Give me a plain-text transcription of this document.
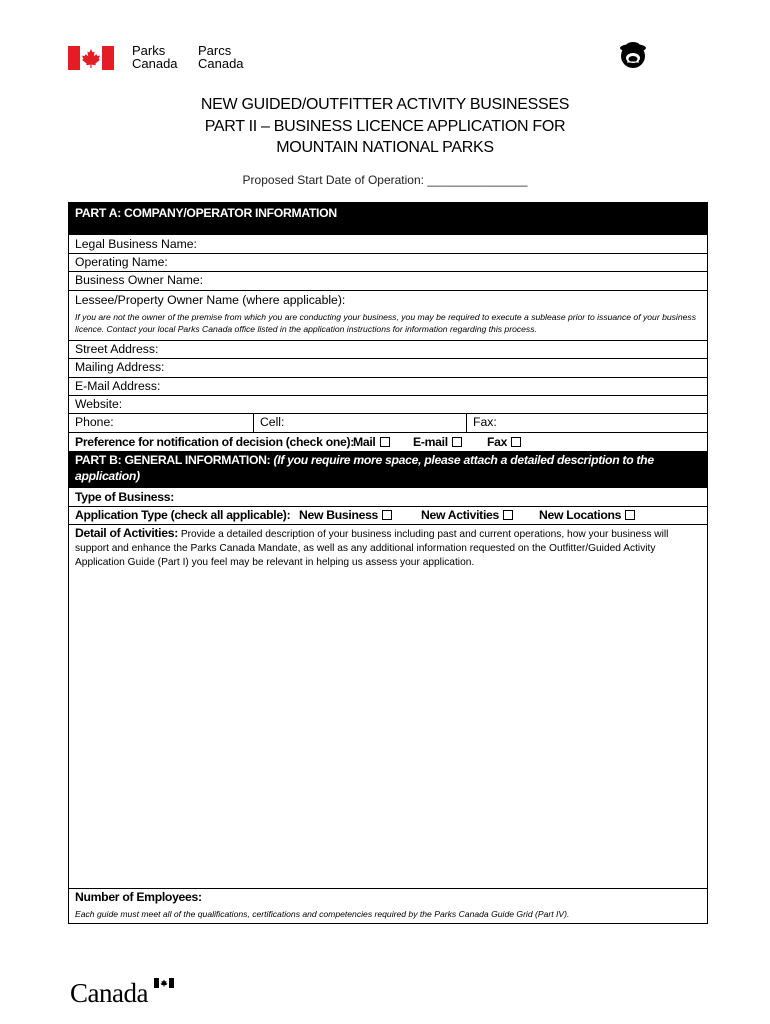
Parks
Canada
Parcs
Canada
NEW GUIDED/OUTFITTER ACTIVITY BUSINESSES
PART II – BUSINESS LICENCE APPLICATION FOR
MOUNTAIN NATIONAL PARKS
Proposed Start Date of Operation: _______________
PART A: COMPANY/OPERATOR INFORMATION
Legal Business Name:
Operating Name:
Business Owner Name:
Lessee/Property Owner Name (where applicable):
If you are not the owner of the premise from which you are conducting your business, you may be required to execute a sublease prior to issuance of your business licence. Contact your local Parks Canada office listed in the application instructions for information regarding this process.
Street Address:
Mailing Address:
E-Mail Address:
Website:
Phone:	Cell:	Fax:
Preference for notification of decision (check one): Mail	E-mail	Fax
PART B: GENERAL INFORMATION: (If you require more space, please attach a detailed description to the application)
Type of Business:
Application Type (check all applicable): New Business	New Activities	New Locations
Detail of Activities: Provide a detailed description of your business including past and current operations, how your business will support and enhance the Parks Canada Mandate, as well as any additional information requested on the Outfitter/Guided Activity Application Guide (Part I) you feel may be relevant in helping us assess your application.
Number of Employees:
Each guide must meet all of the qualifications, certifications and competencies required by the Parks Canada Guide Grid (Part IV).
Canada
